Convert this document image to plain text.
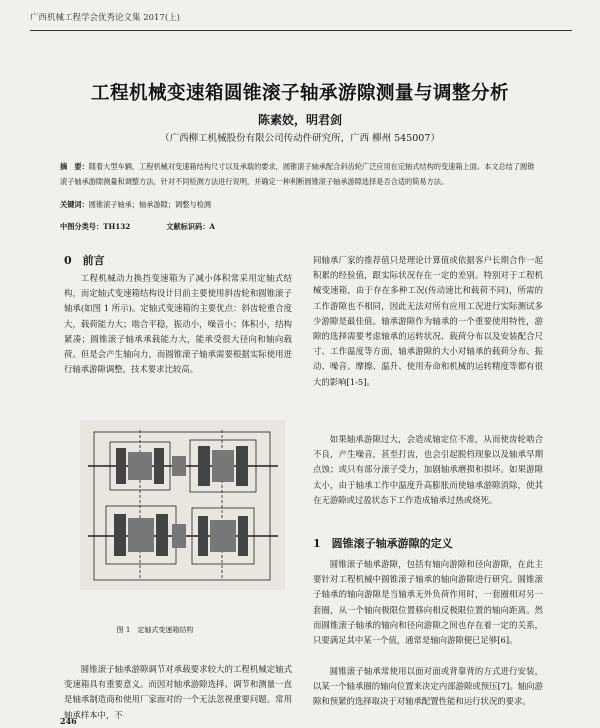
广西机械工程学会优秀论文集 2017(上)
工程机械变速箱圆锥滚子轴承游隙测量与调整分析
陈素姣，明君剑
（广西柳工机械股份有限公司传动件研究所，广西 柳州 545007）
摘　要：随着大型车辆、工程机械对变速箱结构尺寸以及承载的要求，圆锥滚子轴承配合斜齿轮广泛应用在定轴式结构的变速箱上面。本文总结了圆锥滚子轴承游隙测量和调整方法，针对不同检测方法进行说明，并确定一种利断圆锥滚子轴承游隙选择是否合适的简易方法。
关键词：圆锥滚子轴承；轴承游隙；调整与检测
中图分类号：TH132	文献标识码：A
0　前言

工程机械动力换挡变速箱为了减小体积常采用定轴式结构，而定轴式变速箱结构设计目前主要使用斜齿轮和圆锥滚子轴承(如图 1 所示)。定轴式变速箱的主要优点：斜齿轮重合度大，载荷能力大；啮合平稳，振动小，噪音小；体积小，结构紧凑；圆锥滚子轴承承载能力大，能承受很大径向和轴向载荷。但是会产生轴向力，而圆锥滚子轴承需要根据实际使用进行轴承游隙调整，技术要求比较高。

图 1　定轴式变速箱结构

圆锥滚子轴承游隙调节对承载要求较大的工程机械定轴式变速箱具有重要意义。而因对轴承游隙选择、调节和测量一直是轴承制造商和使用厂家面对的一个无法忽视重要问题。常用轴承样本中，不

同轴承厂家的推荐值只是理论计算值或依据客户长期合作一起积累的经验值，跟实际状况存在一定的差别。特别对于工程机械变速箱，由于存在多种工况(传动速比和载荷不同)，所需的工作游隙也不相同，因此无法对所有应用工况进行实际测试多少游隙是最佳值。轴承游隙作为轴承的一个重要使用特性，游隙的选择需要考虑轴承的运转状况、载荷分布以及安装配合尺寸、工作温度等方面，轴承游隙的大小对轴承的载荷分布、振动、噪音、摩擦、温升、使用寿命和机械的运转精度等都有很大的影响[1-5]。

如果轴承游隙过大，会造成轴定位不准，从而使齿轮啮合不良，产生噪音，甚至打齿，也会引起脱档现象以及轴承早期点蚀；或只有部分滚子受力，加剧轴承磨损和损坏。如果游隙太小，由于轴承工作中温度升高膨胀而使轴承游隙消除，使其在无游隙或过盈状态下工作造成轴承过热或烧死。

1　圆锥滚子轴承游隙的定义

圆锥滚子轴承游隙，包括有轴向游隙和径向游隙，在此主要针对工程机械中圆锥滚子轴承的轴向游隙进行研究。圆锥滚子轴承的轴向游隙是当轴承无外负荷作用时，一套圈相对另一套圈，从一个轴向极限位置移向相反极限位置的轴向距离。然而圆锥滚子轴承的轴向和径向游隙之间也存在着一定的关系，只要满足其中某一个值，通常是轴向游隙便已足够[6]。

圆锥滚子轴承常使用以面对面或背靠背的方式进行安装，以某一个轴承圈的轴向位置来决定内部游隙或预压[7]。轴向游隙和预紧的选择取决于对轴承配置性能和运行状况的要求。

246
